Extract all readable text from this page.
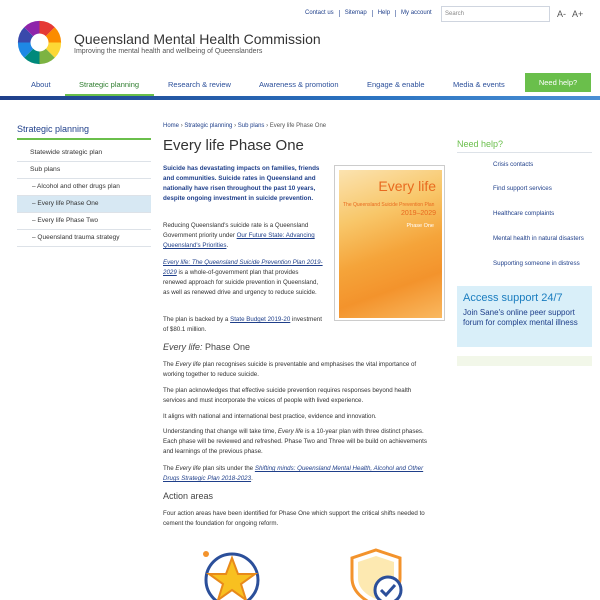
Contact us	Sitemap	Help	My account	Search	A- A+
Queensland Mental Health Commission
Improving the mental health and wellbeing of Queenslanders
About	Strategic planning	Research & review	Awareness & promotion	Engage & enable	Media & events	Need help?
Strategic planning
Statewide strategic plan
Sub plans
– Alcohol and other drugs plan
– Every life Phase One
– Every life Phase Two
– Queensland trauma strategy
Home › Strategic planning › Sub plans › Every life Phase One
Every life Phase One
Suicide has devastating impacts on families, friends and communities. Suicide rates in Queensland and nationally have risen throughout the past 10 years, despite ongoing investment in suicide prevention.
Reducing Queensland's suicide rate is a Queensland Government priority under Our Future State: Advancing Queensland's Priorities.
Every life: The Queensland Suicide Prevention Plan 2019-2029 is a whole-of-government plan that provides renewed approach for suicide prevention in Queensland, as well as renewed drive and urgency to reduce suicide.
The plan is backed by a State Budget 2019-20 investment of $80.1 million.
Every life
The Queensland Suicide Prevention Plan
2019–2029
Phase One
Every life: Phase One
The Every life plan recognises suicide is preventable and emphasises the vital importance of working together to reduce suicide.
The plan acknowledges that effective suicide prevention requires responses beyond health services and must incorporate the voices of people with lived experience.
It aligns with national and international best practice, evidence and innovation.
Understanding that change will take time, Every life is a 10-year plan with three distinct phases. Each phase will be reviewed and refreshed. Phase Two and Three will be build on achievements and learnings of the previous phase.
The Every life plan sits under the Shifting minds: Queensland Mental Health, Alcohol and Other Drugs Strategic Plan 2018-2023.
Action areas
Four action areas have been identified for Phase One which support the critical shifts needed to cement the foundation for ongoing reform.
Need help?
Crisis contacts
Find support services
Healthcare complaints
Mental health in natural disasters
Supporting someone in distress
Access support 24/7
Join Sane's online peer support forum for complex mental illness
